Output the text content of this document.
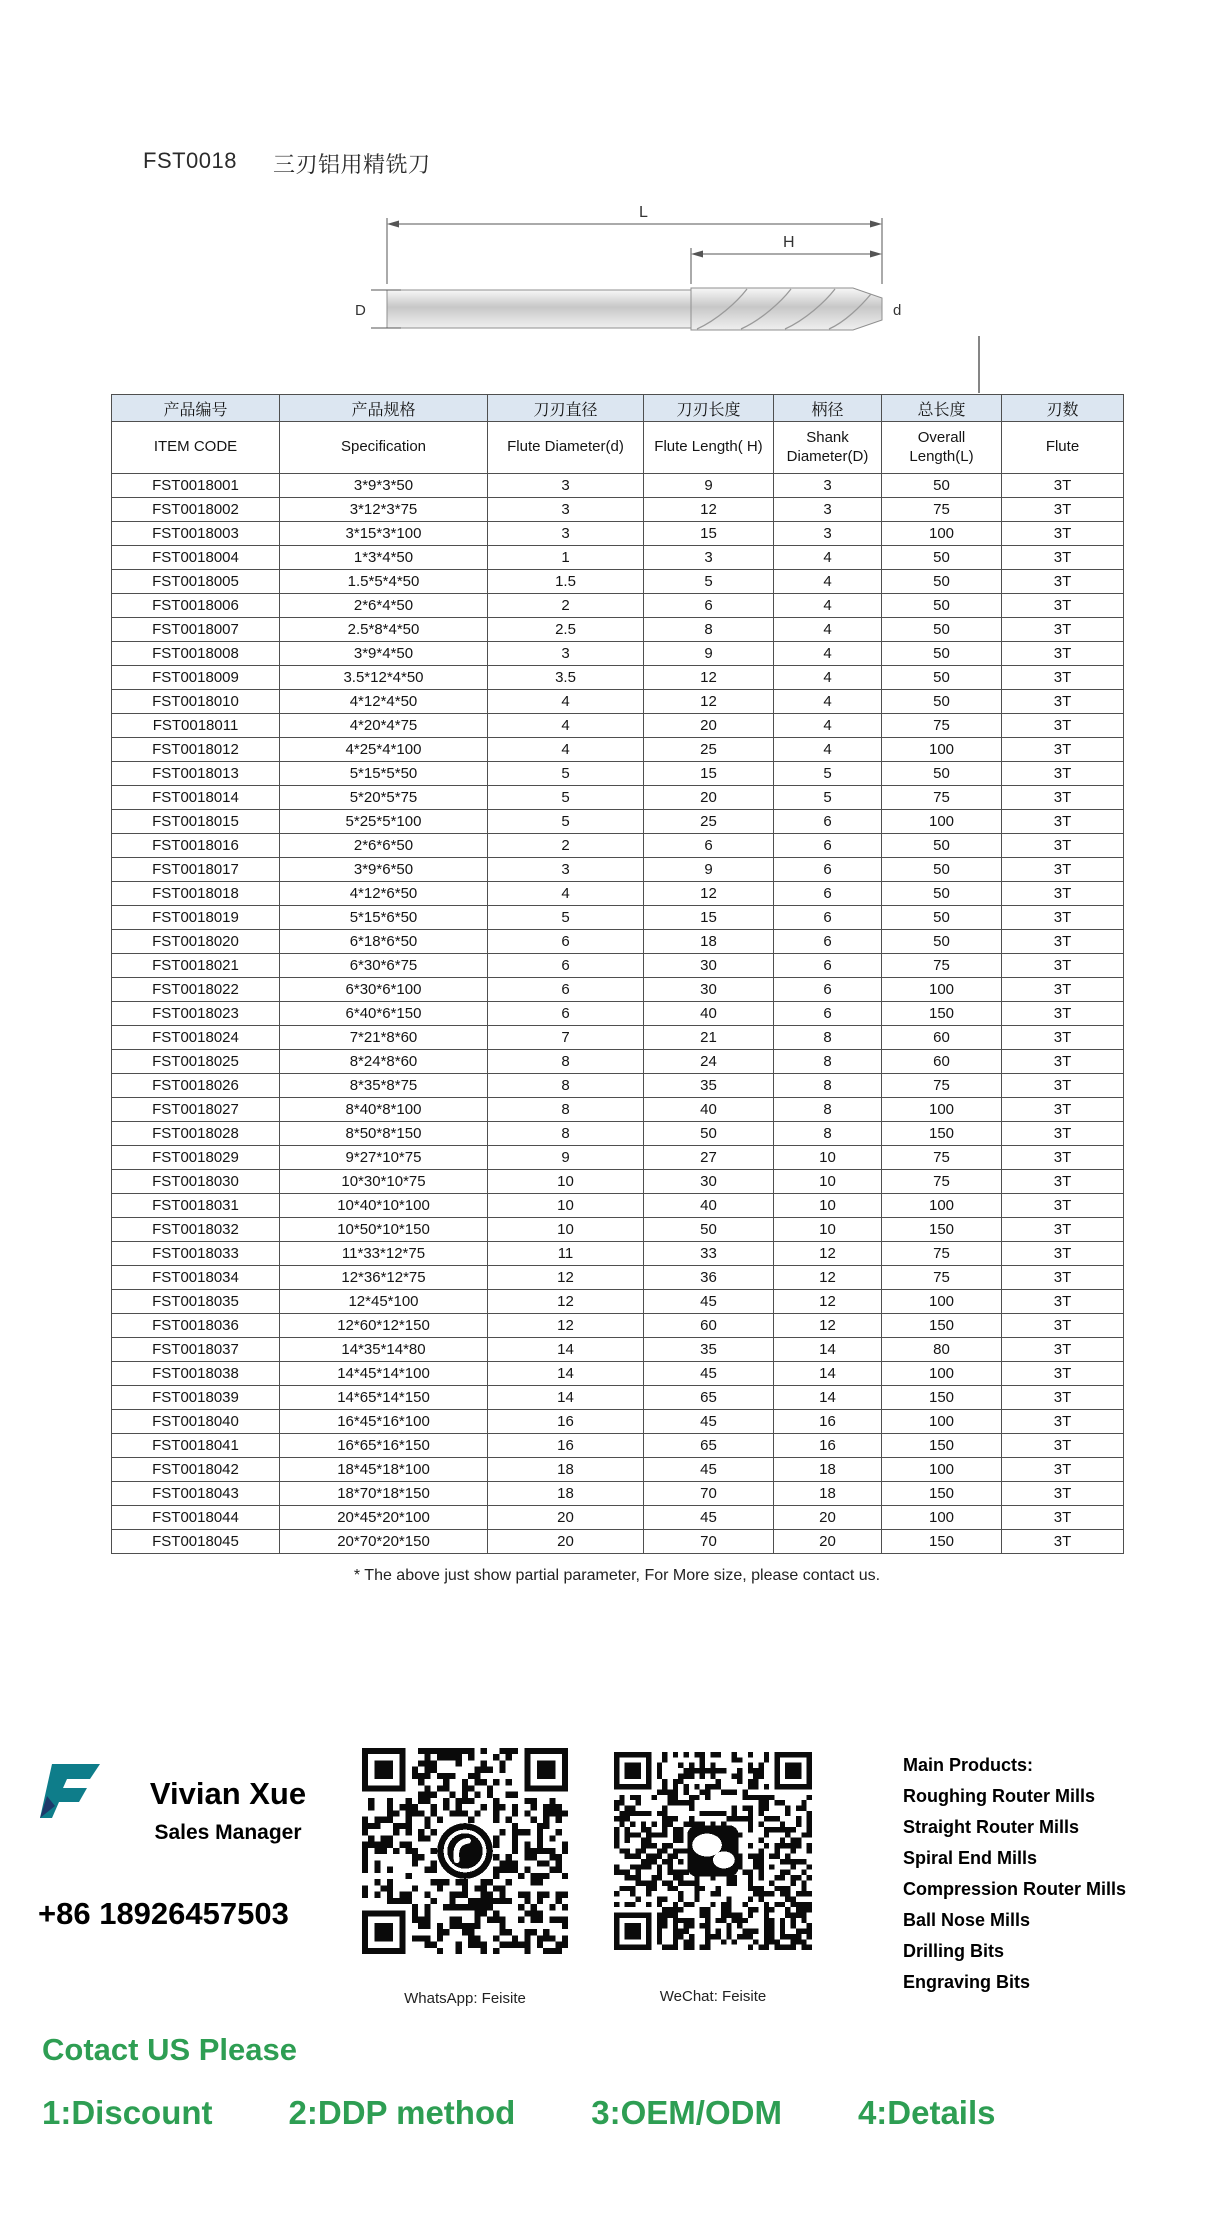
FST0018 三刃铝用精铣刀
L
H
D	d
产品编号	产品规格	刀刃直径	刀刃长度	柄径	总长度	刃数
ITEM CODE	Specification	Flute Diameter(d)	Flute Length( H)	Shank Diameter(D)	Overall Length(L)	Flute
FST0018001	3*9*3*50	3	9	3	50	3T
FST0018002	3*12*3*75	3	12	3	75	3T
FST0018003	3*15*3*100	3	15	3	100	3T
FST0018004	1*3*4*50	1	3	4	50	3T
FST0018005	1.5*5*4*50	1.5	5	4	50	3T
FST0018006	2*6*4*50	2	6	4	50	3T
FST0018007	2.5*8*4*50	2.5	8	4	50	3T
FST0018008	3*9*4*50	3	9	4	50	3T
FST0018009	3.5*12*4*50	3.5	12	4	50	3T
FST0018010	4*12*4*50	4	12	4	50	3T
FST0018011	4*20*4*75	4	20	4	75	3T
FST0018012	4*25*4*100	4	25	4	100	3T
FST0018013	5*15*5*50	5	15	5	50	3T
FST0018014	5*20*5*75	5	20	5	75	3T
FST0018015	5*25*5*100	5	25	6	100	3T
FST0018016	2*6*6*50	2	6	6	50	3T
FST0018017	3*9*6*50	3	9	6	50	3T
FST0018018	4*12*6*50	4	12	6	50	3T
FST0018019	5*15*6*50	5	15	6	50	3T
FST0018020	6*18*6*50	6	18	6	50	3T
FST0018021	6*30*6*75	6	30	6	75	3T
FST0018022	6*30*6*100	6	30	6	100	3T
FST0018023	6*40*6*150	6	40	6	150	3T
FST0018024	7*21*8*60	7	21	8	60	3T
FST0018025	8*24*8*60	8	24	8	60	3T
FST0018026	8*35*8*75	8	35	8	75	3T
FST0018027	8*40*8*100	8	40	8	100	3T
FST0018028	8*50*8*150	8	50	8	150	3T
FST0018029	9*27*10*75	9	27	10	75	3T
FST0018030	10*30*10*75	10	30	10	75	3T
FST0018031	10*40*10*100	10	40	10	100	3T
FST0018032	10*50*10*150	10	50	10	150	3T
FST0018033	11*33*12*75	11	33	12	75	3T
FST0018034	12*36*12*75	12	36	12	75	3T
FST0018035	12*45*100	12	45	12	100	3T
FST0018036	12*60*12*150	12	60	12	150	3T
FST0018037	14*35*14*80	14	35	14	80	3T
FST0018038	14*45*14*100	14	45	14	100	3T
FST0018039	14*65*14*150	14	65	14	150	3T
FST0018040	16*45*16*100	16	45	16	100	3T
FST0018041	16*65*16*150	16	65	16	150	3T
FST0018042	18*45*18*100	18	45	18	100	3T
FST0018043	18*70*18*150	18	70	18	150	3T
FST0018044	20*45*20*100	20	45	20	100	3T
FST0018045	20*70*20*150	20	70	20	150	3T
* The above just show partial parameter, For More size, please contact us.
Vivian Xue
Sales Manager
+86 18926457503
WhatsApp: Feisite	WeChat: Feisite
Main Products:
Roughing Router Mills
Straight Router Mills
Spiral End Mills
Compression Router Mills
Ball Nose Mills
Drilling Bits
Engraving Bits
Cotact US Please
1:Discount 2:DDP method 3:OEM/ODM 4:Details
